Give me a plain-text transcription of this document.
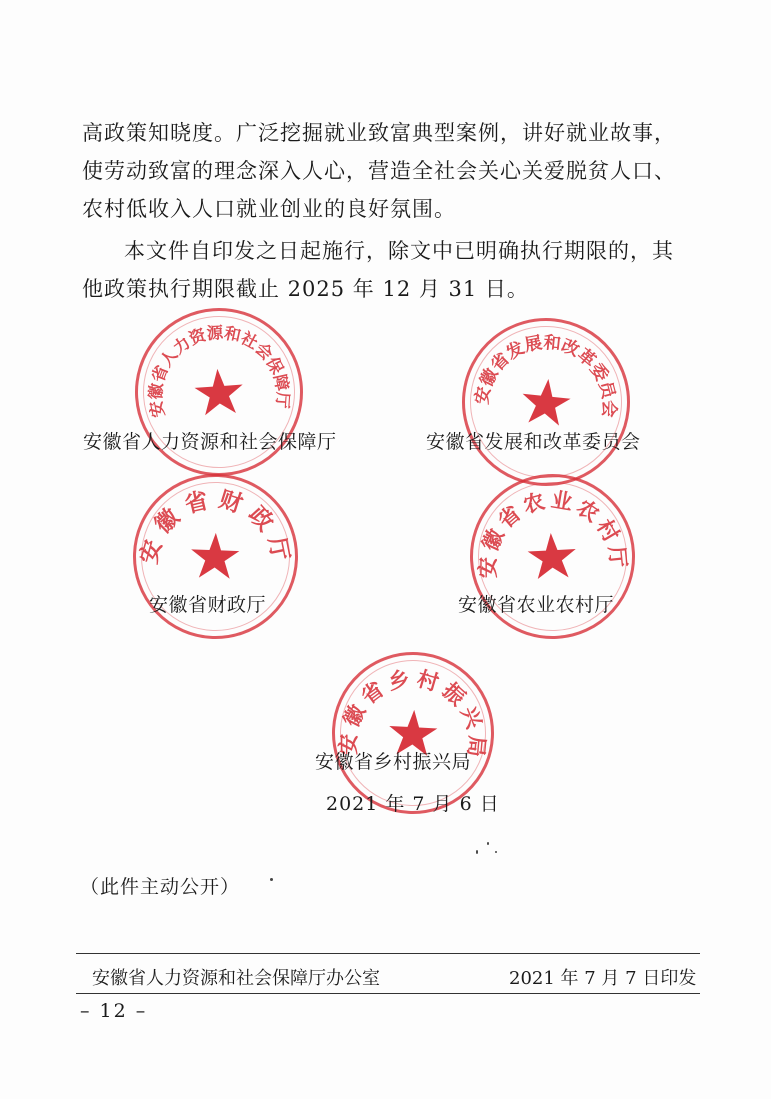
高政策知晓度。广泛挖掘就业致富典型案例，讲好就业故事，使劳动致富的理念深入人心，营造全社会关心关爱脱贫人口、农村低收入人口就业创业的良好氛围。

本文件自印发之日起施行，除文中已明确执行期限的，其他政策执行期限截止 2025 年 12 月 31 日。

安徽省人力资源和社会保障厅	安徽省发展和改革委员会
安徽省财政厅	安徽省农业农村厅
安徽省乡村振兴局

安徽省人力资源和社会保障厅	安徽省发展和改革委员会

安徽省财政厅	安徽省农业农村厅

安徽省乡村振兴局

2021 年 7 月 6 日

（此件主动公开）

安徽省人力资源和社会保障厅办公室	2021 年 7 月 7 日印发

– 12 –
